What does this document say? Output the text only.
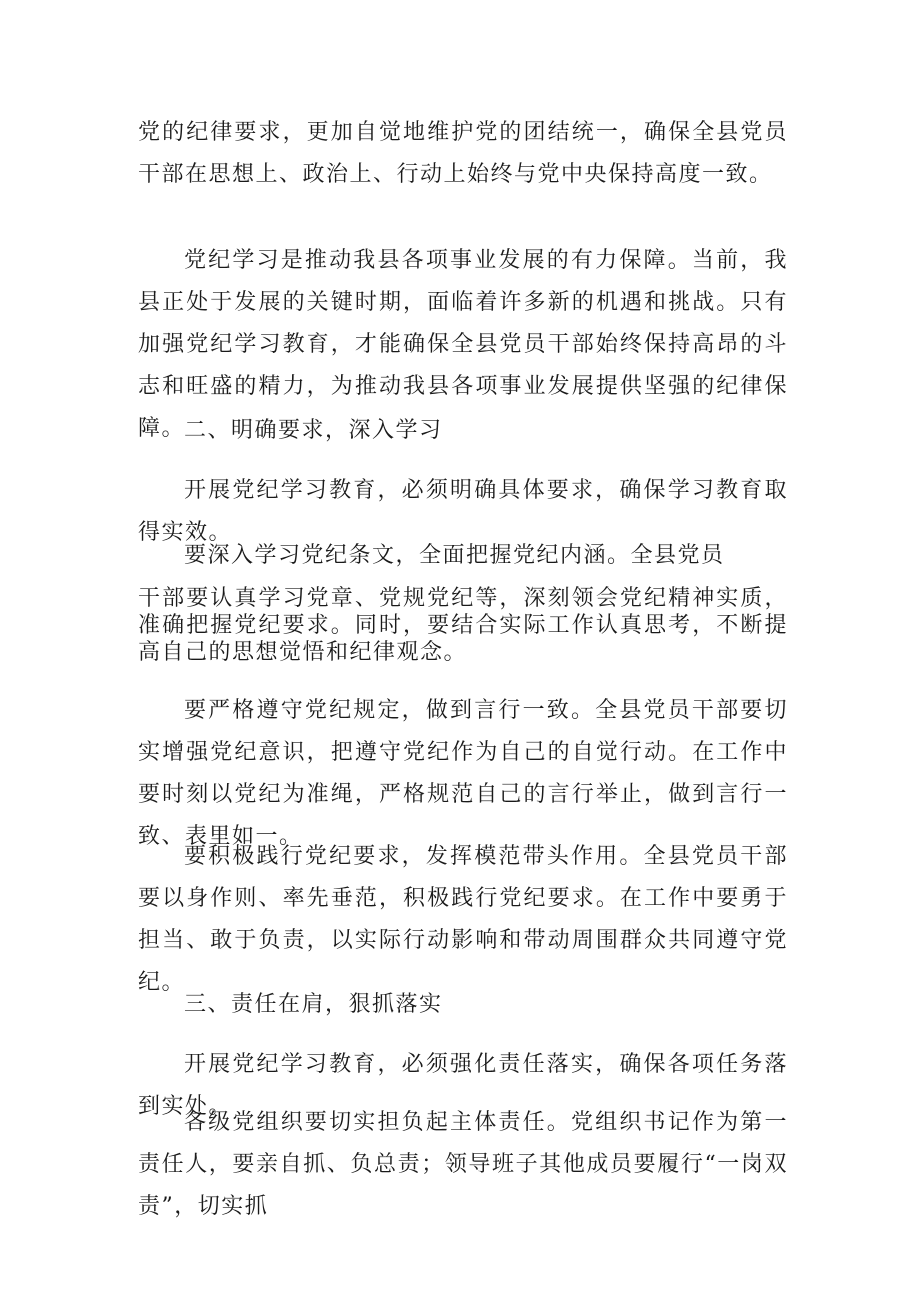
党的纪律要求，更加自觉地维护党的团结统一，确保全县党员干部在思想上、政治上、行动上始终与党中央保持高度一致。

党纪学习是推动我县各项事业发展的有力保障。当前，我县正处于发展的关键时期，面临着许多新的机遇和挑战。只有加强党纪学习教育，才能确保全县党员干部始终保持高昂的斗志和旺盛的精力，为推动我县各项事业发展提供坚强的纪律保障。

二、明确要求，深入学习

开展党纪学习教育，必须明确具体要求，确保学习教育取得实效。

要深入学习党纪条文，全面把握党纪内涵。全县党员

干部要认真学习党章、党规党纪等，深刻领会党纪精神实质，准确把握党纪要求。同时，要结合实际工作认真思考，不断提高自己的思想觉悟和纪律观念。

要严格遵守党纪规定，做到言行一致。全县党员干部要切实增强党纪意识，把遵守党纪作为自己的自觉行动。在工作中要时刻以党纪为准绳，严格规范自己的言行举止，做到言行一致、表里如一。

要积极践行党纪要求，发挥模范带头作用。全县党员干部要以身作则、率先垂范，积极践行党纪要求。在工作中要勇于担当、敢于负责，以实际行动影响和带动周围群众共同遵守党纪。

三、责任在肩，狠抓落实

开展党纪学习教育，必须强化责任落实，确保各项任务落到实处。

各级党组织要切实担负起主体责任。党组织书记作为第一责任人，要亲自抓、负总责；领导班子其他成员要履行“一岗双责”，切实抓
